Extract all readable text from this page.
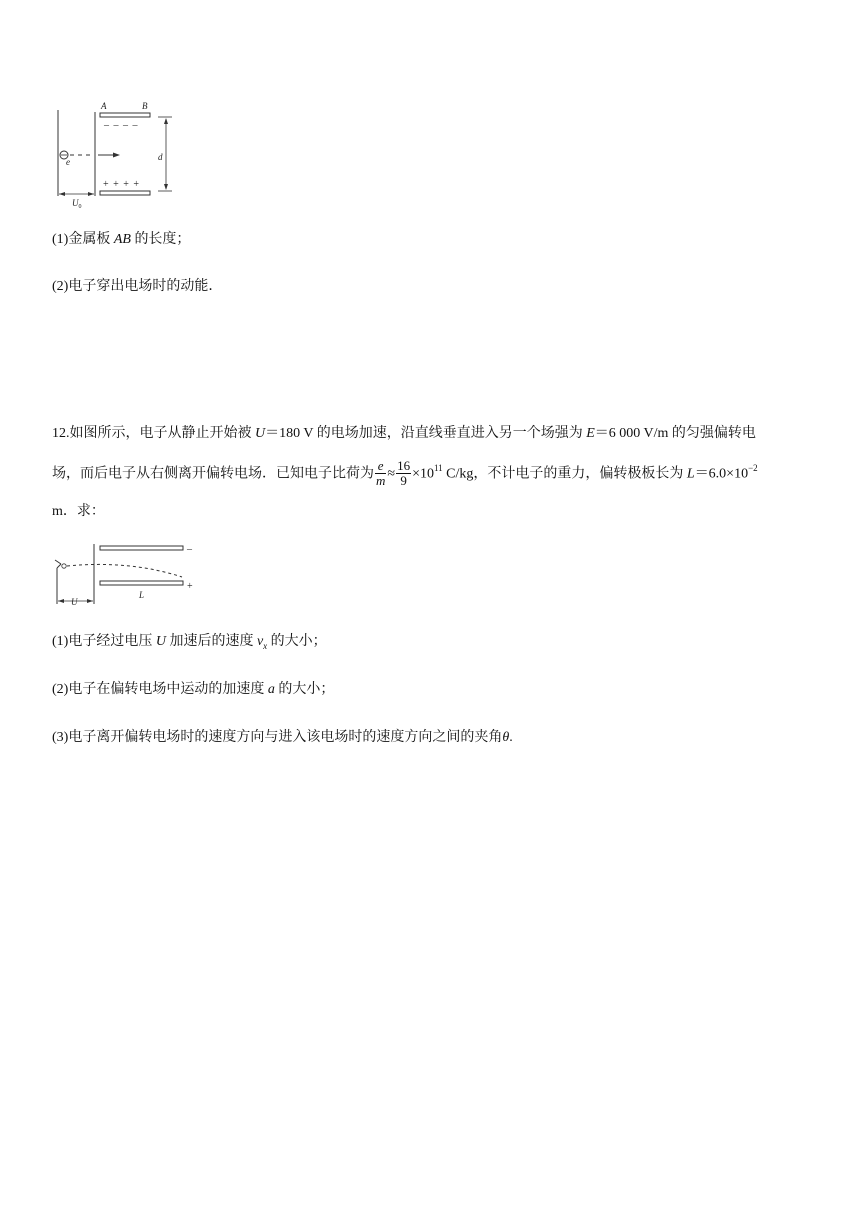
A	B
– – – –
+ + + +
e	d
$U_0$
(1)金属板 AB 的长度；
(2)电子穿出电场时的动能．
12.如图所示，电子从静止开始被 U＝180 V 的电场加速，沿直线垂直进入另一个场强为 E＝6 000 V/m 的匀强偏转电
场，而后电子从右侧离开偏转电场．已知电子比荷为 $\frac{e}{m} \approx \frac{16}{9} \times 10^{11}$ C/kg，不计电子的重力，偏转极板长为 $L=6.0\times 10^{-2}$
m．求：
–
+
L
U
(1)电子经过电压 U 加速后的速度 $v_x$ 的大小；
(2)电子在偏转电场中运动的加速度 a 的大小；
(3)电子离开偏转电场时的速度方向与进入该电场时的速度方向之间的夹角θ.
